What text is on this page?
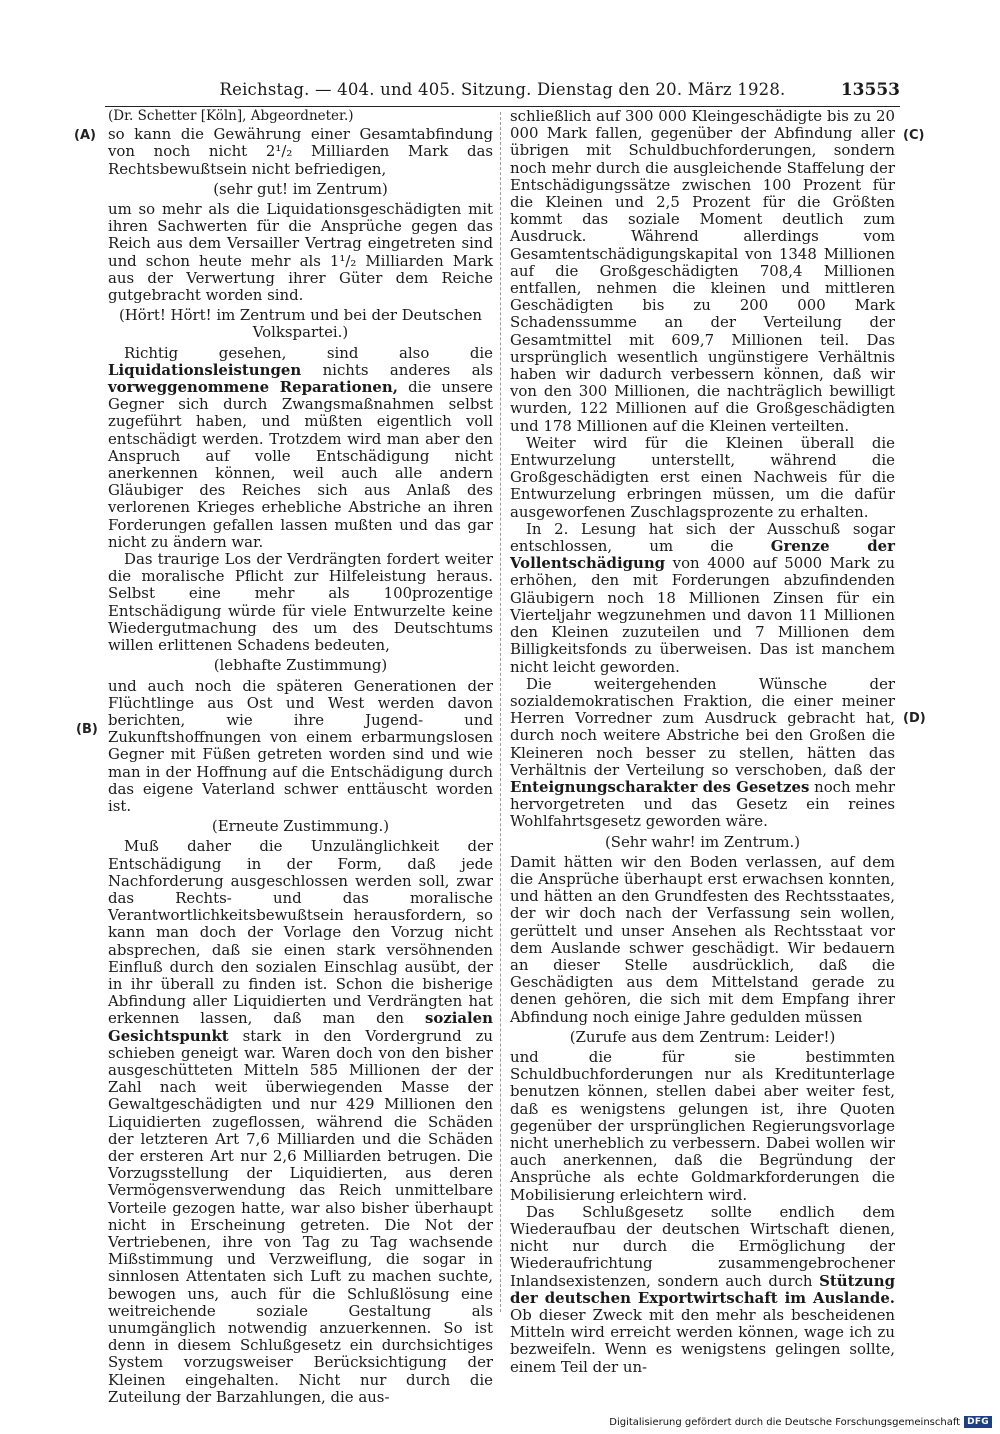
Reichstag. — 404. und 405. Sitzung. Dienstag den 20. März 1928.	13553
(A)
(B)
(C)
(D)

(Dr. Schetter [Köln], Abgeordneter.)

so kann die Gewährung einer Gesamtabfindung von noch nicht 2¹/₂ Milliarden Mark das Rechtsbewußtsein nicht befriedigen,

(sehr gut! im Zentrum)

um so mehr als die Liquidationsgeschädigten mit ihren Sachwerten für die Ansprüche gegen das Reich aus dem Versailler Vertrag eingetreten sind und schon heute mehr als 1¹/₂ Milliarden Mark aus der Verwertung ihrer Güter dem Reiche gutgebracht worden sind.

(Hört! Hört! im Zentrum und bei der Deutschen Volkspartei.)

Richtig gesehen, sind also die Liquidationsleistungen nichts anderes als vorweggenommene Reparationen, die unsere Gegner sich durch Zwangsmaßnahmen selbst zugeführt haben, und müßten eigentlich voll entschädigt werden. Trotzdem wird man aber den Anspruch auf volle Entschädigung nicht anerkennen können, weil auch alle andern Gläubiger des Reiches sich aus Anlaß des verlorenen Krieges erhebliche Abstriche an ihren Forderungen gefallen lassen mußten und das gar nicht zu ändern war.

Das traurige Los der Verdrängten fordert weiter die moralische Pflicht zur Hilfeleistung heraus. Selbst eine mehr als 100prozentige Entschädigung würde für viele Entwurzelte keine Wiedergutmachung des um des Deutschtums willen erlittenen Schadens bedeuten,

(lebhafte Zustimmung)

und auch noch die späteren Generationen der Flüchtlinge aus Ost und West werden davon berichten, wie ihre Jugend- und Zukunftshoffnungen von einem erbarmungslosen Gegner mit Füßen getreten worden sind und wie man in der Hoffnung auf die Entschädigung durch das eigene Vaterland schwer enttäuscht worden ist.

(Erneute Zustimmung.)

Muß daher die Unzulänglichkeit der Entschädigung in der Form, daß jede Nachforderung ausgeschlossen werden soll, zwar das Rechts- und das moralische Verantwortlichkeitsbewußtsein herausfordern, so kann man doch der Vorlage den Vorzug nicht absprechen, daß sie einen stark versöhnenden Einfluß durch den sozialen Einschlag ausübt, der in ihr überall zu finden ist. Schon die bisherige Abfindung aller Liquidierten und Verdrängten hat erkennen lassen, daß man den sozialen Gesichtspunkt stark in den Vordergrund zu schieben geneigt war. Waren doch von den bisher ausgeschütteten Mitteln 585 Millionen der der Zahl nach weit überwiegenden Masse der Gewaltgeschädigten und nur 429 Millionen den Liquidierten zugeflossen, während die Schäden der letzteren Art 7,6 Milliarden und die Schäden der ersteren Art nur 2,6 Milliarden betrugen. Die Vorzugsstellung der Liquidierten, aus deren Vermögensverwendung das Reich unmittelbare Vorteile gezogen hatte, war also bisher überhaupt nicht in Erscheinung getreten. Die Not der Vertriebenen, ihre von Tag zu Tag wachsende Mißstimmung und Verzweiflung, die sogar in sinnlosen Attentaten sich Luft zu machen suchte, bewogen uns, auch für die Schlußlösung eine weitreichende soziale Gestaltung als unumgänglich notwendig anzuerkennen. So ist denn in diesem Schlußgesetz ein durchsichtiges System vorzugsweiser Berücksichtigung der Kleinen eingehalten. Nicht nur durch die Zuteilung der Barzahlungen, die aus-

schließlich auf 300 000 Kleingeschädigte bis zu 20 000 Mark fallen, gegenüber der Abfindung aller übrigen mit Schuldbuchforderungen, sondern noch mehr durch die ausgleichende Staffelung der Entschädigungssätze zwischen 100 Prozent für die Kleinen und 2,5 Prozent für die Größten kommt das soziale Moment deutlich zum Ausdruck. Während allerdings vom Gesamtentschädigungskapital von 1348 Millionen auf die Großgeschädigten 708,4 Millionen entfallen, nehmen die kleinen und mittleren Geschädigten bis zu 200 000 Mark Schadenssumme an der Verteilung der Gesamtmittel mit 609,7 Millionen teil. Das ursprünglich wesentlich ungünstigere Verhältnis haben wir dadurch verbessern können, daß wir von den 300 Millionen, die nachträglich bewilligt wurden, 122 Millionen auf die Großgeschädigten und 178 Millionen auf die Kleinen verteilten.

Weiter wird für die Kleinen überall die Entwurzelung unterstellt, während die Großgeschädigten erst einen Nachweis für die Entwurzelung erbringen müssen, um die dafür ausgeworfenen Zuschlagsprozente zu erhalten.

In 2. Lesung hat sich der Ausschuß sogar entschlossen, um die Grenze der Vollentschädigung von 4000 auf 5000 Mark zu erhöhen, den mit Forderungen abzufindenden Gläubigern noch 18 Millionen Zinsen für ein Vierteljahr wegzunehmen und davon 11 Millionen den Kleinen zuzuteilen und 7 Millionen dem Billigkeitsfonds zu überweisen. Das ist manchem nicht leicht geworden.

Die weitergehenden Wünsche der sozialdemokratischen Fraktion, die einer meiner Herren Vorredner zum Ausdruck gebracht hat, durch noch weitere Abstriche bei den Großen die Kleineren noch besser zu stellen, hätten das Verhältnis der Verteilung so verschoben, daß der Enteignungscharakter des Gesetzes noch mehr hervorgetreten und das Gesetz ein reines Wohlfahrtsgesetz geworden wäre.

(Sehr wahr! im Zentrum.)

Damit hätten wir den Boden verlassen, auf dem die Ansprüche überhaupt erst erwachsen konnten, und hätten an den Grundfesten des Rechtsstaates, der wir doch nach der Verfassung sein wollen, gerüttelt und unser Ansehen als Rechtsstaat vor dem Auslande schwer geschädigt. Wir bedauern an dieser Stelle ausdrücklich, daß die Geschädigten aus dem Mittelstand gerade zu denen gehören, die sich mit dem Empfang ihrer Abfindung noch einige Jahre gedulden müssen

(Zurufe aus dem Zentrum: Leider!)

und die für sie bestimmten Schuldbuchforderungen nur als Kreditunterlage benutzen können, stellen dabei aber weiter fest, daß es wenigstens gelungen ist, ihre Quoten gegenüber der ursprünglichen Regierungsvorlage nicht unerheblich zu verbessern. Dabei wollen wir auch anerkennen, daß die Begründung der Ansprüche als echte Goldmarkforderungen die Mobilisierung erleichtern wird.

Das Schlußgesetz sollte endlich dem Wiederaufbau der deutschen Wirtschaft dienen, nicht nur durch die Ermöglichung der Wiederaufrichtung zusammengebrochener Inlandsexistenzen, sondern auch durch Stützung der deutschen Exportwirtschaft im Auslande. Ob dieser Zweck mit den mehr als bescheidenen Mitteln wird erreicht werden können, wage ich zu bezweifeln. Wenn es wenigstens gelingen sollte, einem Teil der un-

Digitalisierung gefördert durch die Deutsche Forschungsgemeinschaft DFG
